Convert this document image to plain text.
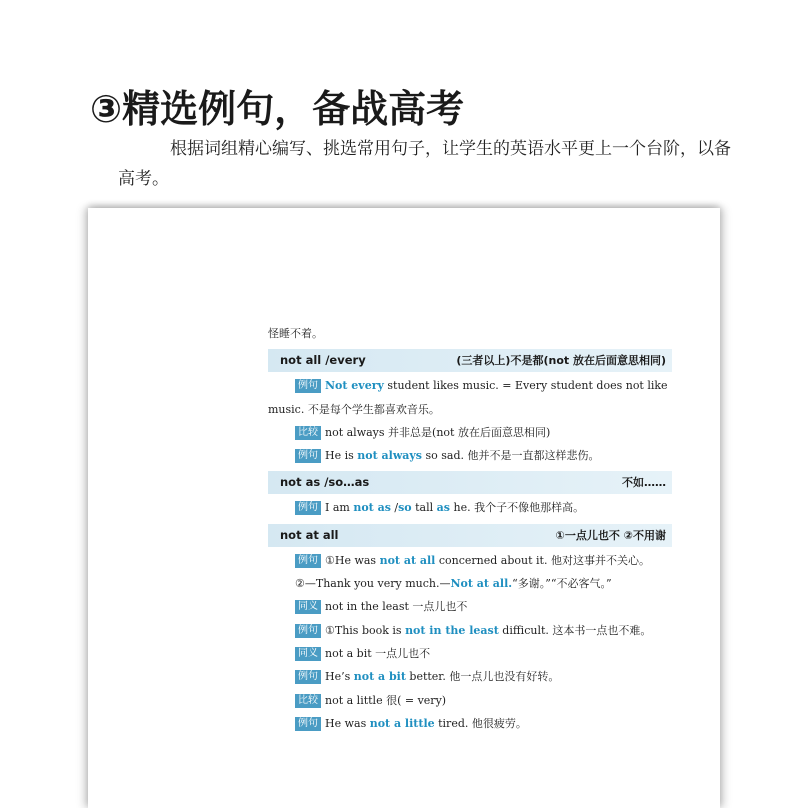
③精选例句，备战高考
根据词组精心编写、挑选常用句子，让学生的英语水平更上一个台阶，以备高考。
怪睡不着。
not all /every	(三者以上)不是都(not 放在后面意思相同)
例句 Not every student likes music. = Every student does not like
music. 不是每个学生都喜欢音乐。
比较 not always 并非总是(not 放在后面意思相同)
例句 He is not always so sad. 他并不是一直都这样悲伤。
not as /so…as	不如……
例句 I am not as /so tall as he. 我个子不像他那样高。
not at all	①一点儿也不 ②不用谢
例句 ①He was not at all concerned about it. 他对这事并不关心。
②—Thank you very much.—Not at all.“多谢。”“不必客气。”
同义 not in the least 一点儿也不
例句 ①This book is not in the least difficult. 这本书一点也不难。
同义 not a bit 一点儿也不
例句 He’s not a bit better. 他一点儿也没有好转。
比较 not a little 很( = very)
例句 He was not a little tired. 他很疲劳。
